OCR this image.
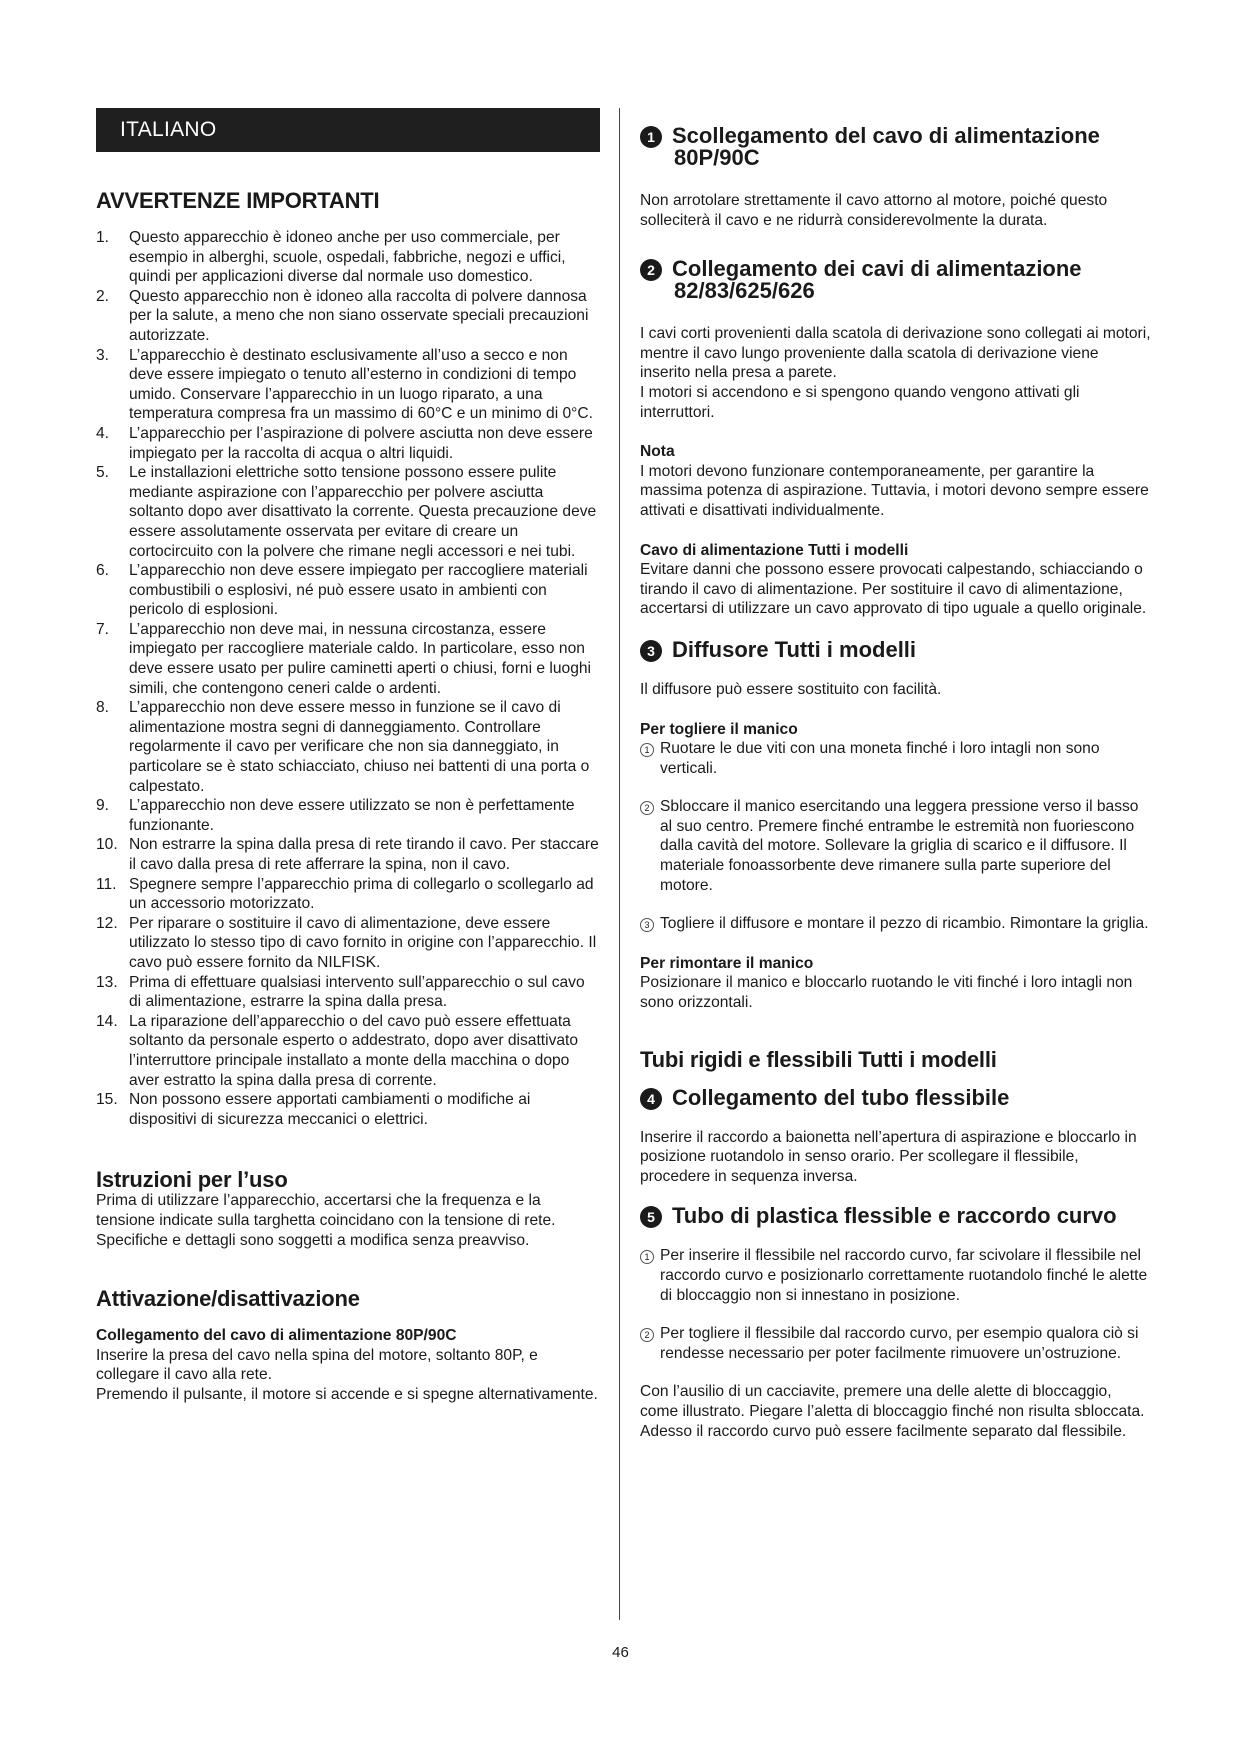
ITALIANO
AVVERTENZE IMPORTANTI
1. Questo apparecchio è idoneo anche per uso commerciale, per esempio in alberghi, scuole, ospedali, fabbriche, negozi e uffici, quindi per applicazioni diverse dal normale uso domestico.
2. Questo apparecchio non è idoneo alla raccolta di polvere dannosa per la salute, a meno che non siano osservate speciali precauzioni autorizzate.
3. L’apparecchio è destinato esclusivamente all’uso a secco e non deve essere impiegato o tenuto all’esterno in condizioni di tempo umido. Conservare l’apparecchio in un luogo riparato, a una temperatura compresa fra un massimo di 60°C e un minimo di 0°C.
4. L’apparecchio per l’aspirazione di polvere asciutta non deve essere impiegato per la raccolta di acqua o altri liquidi.
5. Le installazioni elettriche sotto tensione possono essere pulite mediante aspirazione con l’apparecchio per polvere asciutta soltanto dopo aver disattivato la corrente. Questa precauzione deve essere assolutamente osservata per evitare di creare un cortocircuito con la polvere che rimane negli accessori e nei tubi.
6. L’apparecchio non deve essere impiegato per raccogliere materiali combustibili o esplosivi, né può essere usato in ambienti con pericolo di esplosioni.
7. L’apparecchio non deve mai, in nessuna circostanza, essere impiegato per raccogliere materiale caldo. In particolare, esso non deve essere usato per pulire caminetti aperti o chiusi, forni e luoghi simili, che contengono ceneri calde o ardenti.
8. L’apparecchio non deve essere messo in funzione se il cavo di alimentazione mostra segni di danneggiamento. Controllare regolarmente il cavo per verificare che non sia danneggiato, in particolare se è stato schiacciato, chiuso nei battenti di una porta o calpestato.
9. L’apparecchio non deve essere utilizzato se non è perfettamente funzionante.
10. Non estrarre la spina dalla presa di rete tirando il cavo. Per staccare il cavo dalla presa di rete afferrare la spina, non il cavo.
11. Spegnere sempre l’apparecchio prima di collegarlo o scollegarlo ad un accessorio motorizzato.
12. Per riparare o sostituire il cavo di alimentazione, deve essere utilizzato lo stesso tipo di cavo fornito in origine con l’apparecchio. Il cavo può essere fornito da NILFISK.
13. Prima di effettuare qualsiasi intervento sull’apparecchio o sul cavo di alimentazione, estrarre la spina dalla presa.
14. La riparazione dell’apparecchio o del cavo può essere effettuata soltanto da personale esperto o addestrato, dopo aver disattivato l’interruttore principale installato a monte della macchina o dopo aver estratto la spina dalla presa di corrente.
15. Non possono essere apportati cambiamenti o modifiche ai dispositivi di sicurezza meccanici o elettrici.
Istruzioni per l’uso

Prima di utilizzare l’apparecchio, accertarsi che la frequenza e la tensione indicate sulla targhetta coincidano con la tensione di rete.

Specifiche e dettagli sono soggetti a modifica senza preavviso.

Attivazione/disattivazione

Collegamento del cavo di alimentazione 80P/90C

Inserire la presa del cavo nella spina del motore, soltanto 80P, e collegare il cavo alla rete.

Premendo il pulsante, il motore si accende e si spegne alternativamente.

1 Scollegamento del cavo di alimentazione
80P/90C

Non arrotolare strettamente il cavo attorno al motore, poiché questo solleciterà il cavo e ne ridurrà considerevolmente la durata.

2 Collegamento dei cavi di alimentazione
82/83/625/626

I cavi corti provenienti dalla scatola di derivazione sono collegati ai motori, mentre il cavo lungo proveniente dalla scatola di derivazione viene inserito nella presa a parete.

I motori si accendono e si spengono quando vengono attivati gli interruttori.

Nota

I motori devono funzionare contemporaneamente, per garantire la massima potenza di aspirazione. Tuttavia, i motori devono sempre essere attivati e disattivati individualmente.

Cavo di alimentazione Tutti i modelli

Evitare danni che possono essere provocati calpestando, schiacciando o tirando il cavo di alimentazione. Per sostituire il cavo di alimentazione, accertarsi di utilizzare un cavo approvato di tipo uguale a quello originale.

3 Diffusore Tutti i modelli

Il diffusore può essere sostituito con facilità.

Per togliere il manico

1 Ruotare le due viti con una moneta finché i loro intagli non sono verticali.
2 Sbloccare il manico esercitando una leggera pressione verso il basso al suo centro. Premere finché entrambe le estremità non fuoriescono dalla cavità del motore. Sollevare la griglia di scarico e il diffusore. Il materiale fonoassorbente deve rimanere sulla parte superiore del motore.
3 Togliere il diffusore e montare il pezzo di ricambio. Rimontare la griglia.

Per rimontare il manico

Posizionare il manico e bloccarlo ruotando le viti finché i loro intagli non sono orizzontali.

Tubi rigidi e flessibili Tutti i modelli
4 Collegamento del tubo flessibile

Inserire il raccordo a baionetta nell’apertura di aspirazione e bloccarlo in posizione ruotandolo in senso orario. Per scollegare il flessibile, procedere in sequenza inversa.

5 Tubo di plastica flessible e raccordo curvo
1 Per inserire il flessibile nel raccordo curvo, far scivolare il flessibile nel raccordo curvo e posizionarlo correttamente ruotandolo finché le alette di bloccaggio non si innestano in posizione.
2 Per togliere il flessibile dal raccordo curvo, per esempio qualora ciò si rendesse necessario per poter facilmente rimuovere un’ostruzione.

Con l’ausilio di un cacciavite, premere una delle alette di bloccaggio, come illustrato. Piegare l’aletta di bloccaggio finché non risulta sbloccata. Adesso il raccordo curvo può essere facilmente separato dal flessibile.

46
